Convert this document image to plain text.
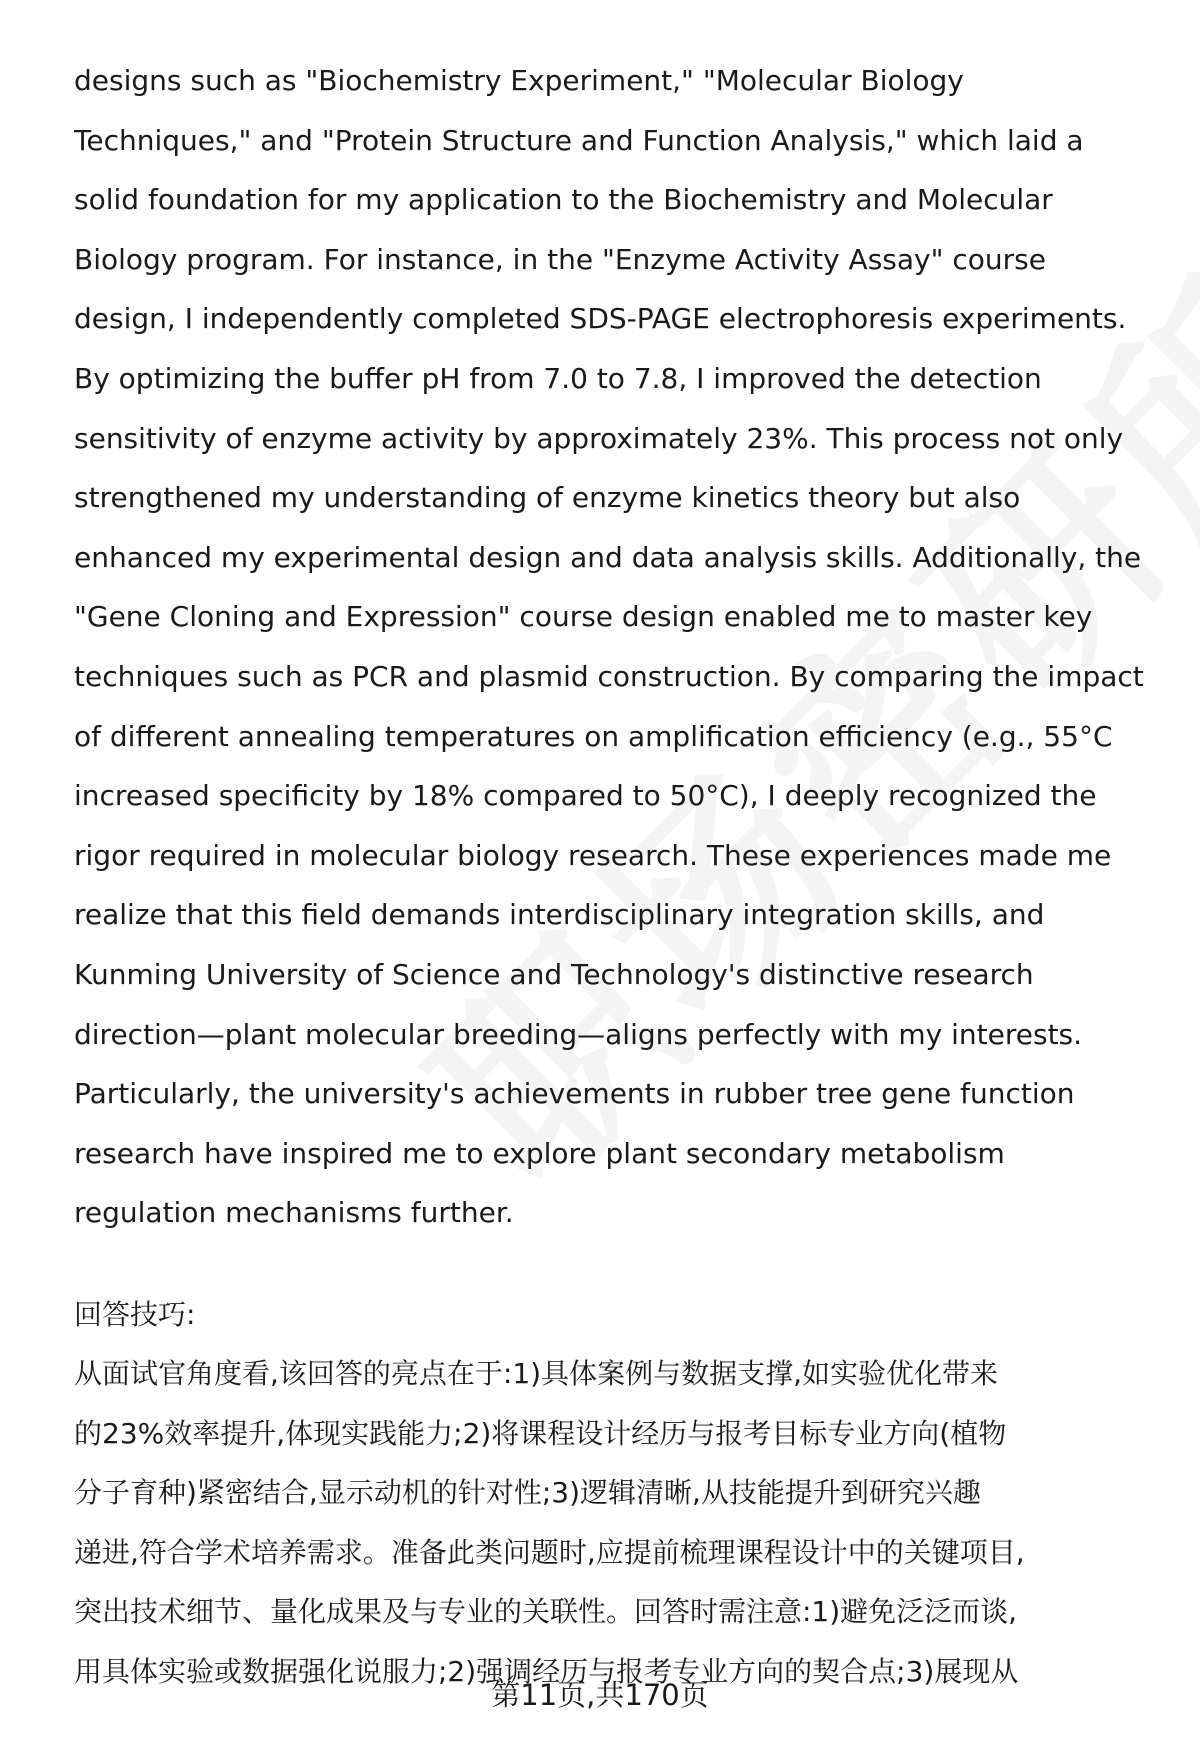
designs such as "Biochemistry Experiment," "Molecular Biology
Techniques," and "Protein Structure and Function Analysis," which laid a
solid foundation for my application to the Biochemistry and Molecular
Biology program. For instance, in the "Enzyme Activity Assay" course
design, I independently completed SDS-PAGE electrophoresis experiments.
By optimizing the buffer pH from 7.0 to 7.8, I improved the detection
sensitivity of enzyme activity by approximately 23%. This process not only
strengthened my understanding of enzyme kinetics theory but also
enhanced my experimental design and data analysis skills. Additionally, the
"Gene Cloning and Expression" course design enabled me to master key
techniques such as PCR and plasmid construction. By comparing the impact
of different annealing temperatures on amplification efficiency (e.g., 55°C
increased specificity by 18% compared to 50°C), I deeply recognized the
rigor required in molecular biology research. These experiences made me
realize that this field demands interdisciplinary integration skills, and
Kunming University of Science and Technology's distinctive research
direction—plant molecular breeding—aligns perfectly with my interests.
Particularly, the university's achievements in rubber tree gene function
research have inspired me to explore plant secondary metabolism
regulation mechanisms further.
回答技巧:
从面试官角度看,该回答的亮点在于:1)具体案例与数据支撑,如实验优化带来
的23%效率提升,体现实践能力;2)将课程设计经历与报考目标专业方向(植物
分子育种)紧密结合,显示动机的针对性;3)逻辑清晰,从技能提升到研究兴趣
递进,符合学术培养需求。准备此类问题时,应提前梳理课程设计中的关键项目,
突出技术细节、量化成果及与专业的关联性。回答时需注意:1)避免泛泛而谈,
用具体实验或数据强化说服力;2)强调经历与报考专业方向的契合点;3)展现从
第11页,共170页
